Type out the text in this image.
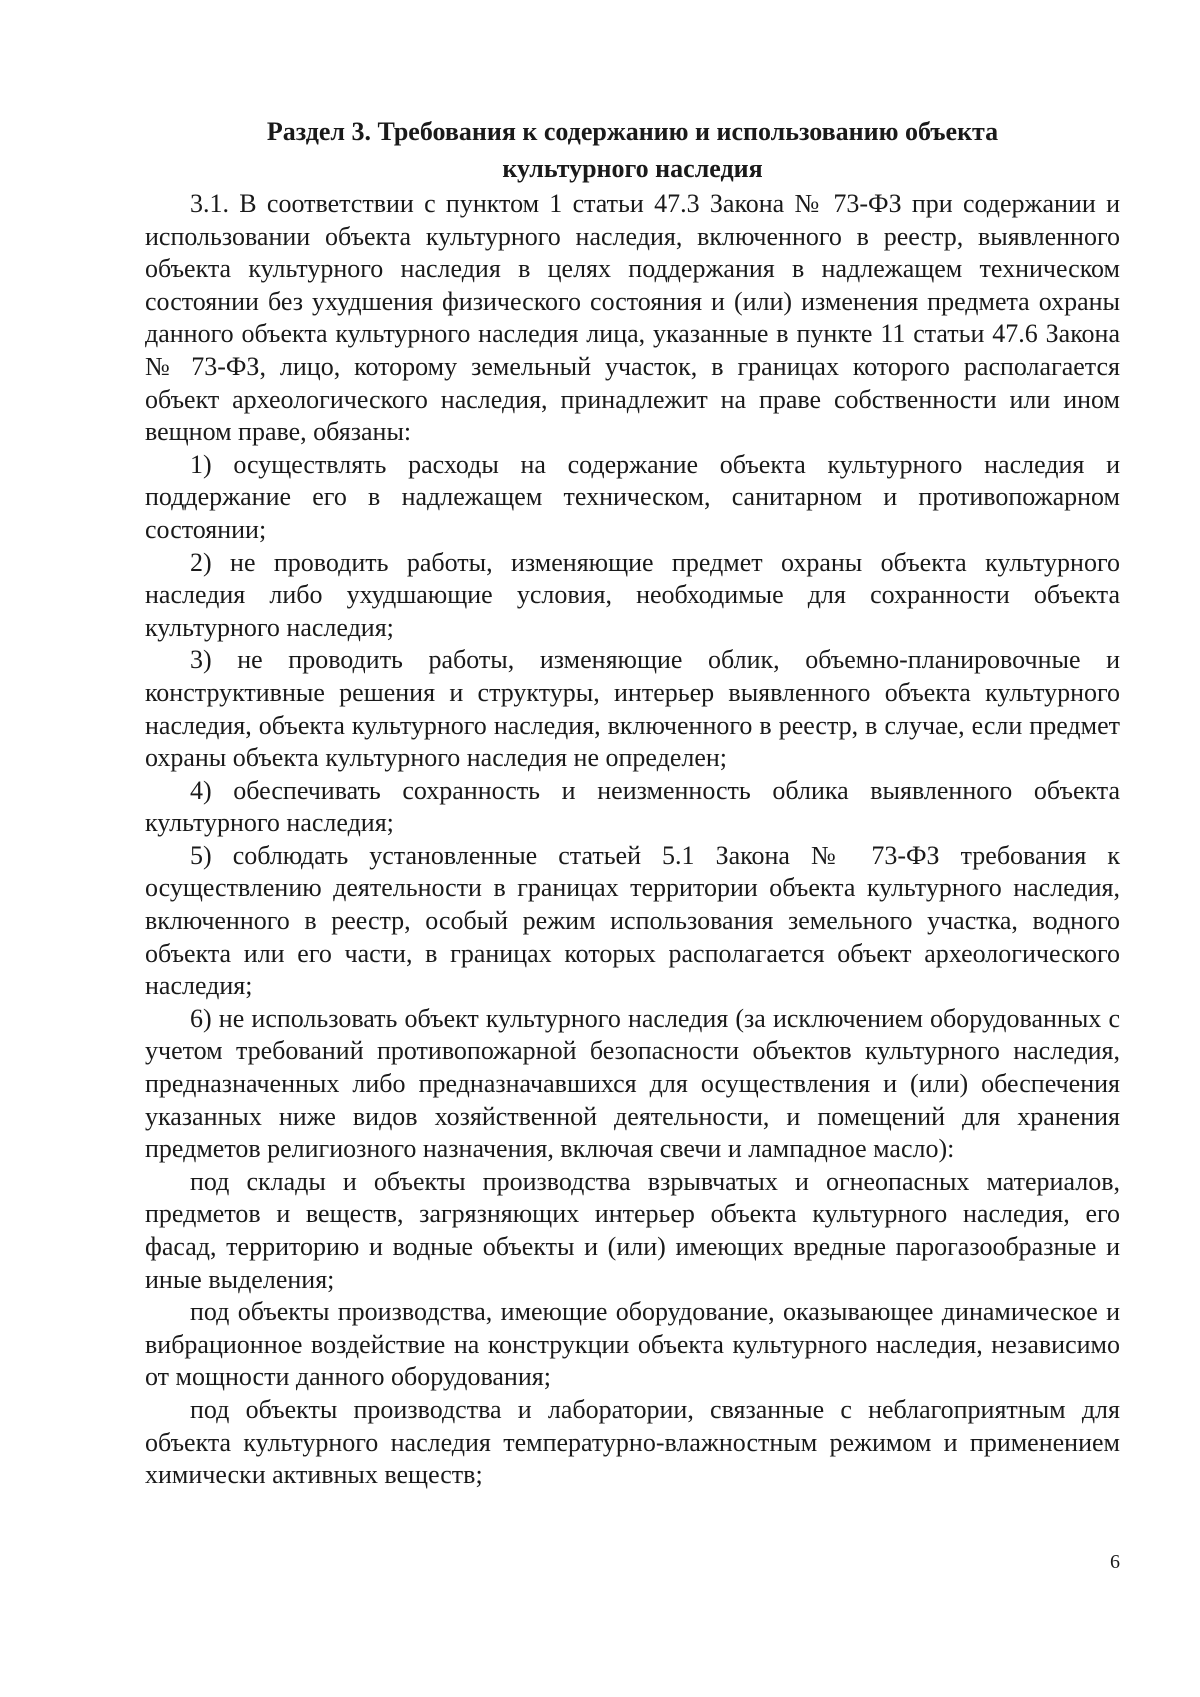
Раздел 3. Требования к содержанию и использованию объекта
культурного наследия

3.1. В соответствии с пунктом 1 статьи 47.3 Закона № 73-ФЗ при содержании и использовании объекта культурного наследия, включенного в реестр, выявленного объекта культурного наследия в целях поддержания в надлежащем техническом состоянии без ухудшения физического состояния и (или) изменения предмета охраны данного объекта культурного наследия лица, указанные в пункте 11 статьи 47.6 Закона № 73-ФЗ, лицо, которому земельный участок, в границах которого располагается объект археологического наследия, принадлежит на праве собственности или ином вещном праве, обязаны:

1) осуществлять расходы на содержание объекта культурного наследия и поддержание его в надлежащем техническом, санитарном и противопожарном состоянии;

2) не проводить работы, изменяющие предмет охраны объекта культурного наследия либо ухудшающие условия, необходимые для сохранности объекта культурного наследия;

3) не проводить работы, изменяющие облик, объемно-планировочные и конструктивные решения и структуры, интерьер выявленного объекта культурного наследия, объекта культурного наследия, включенного в реестр, в случае, если предмет охраны объекта культурного наследия не определен;

4) обеспечивать сохранность и неизменность облика выявленного объекта культурного наследия;

5) соблюдать установленные статьей 5.1 Закона № 73-ФЗ требования к осуществлению деятельности в границах территории объекта культурного наследия, включенного в реестр, особый режим использования земельного участка, водного объекта или его части, в границах которых располагается объект археологического наследия;

6) не использовать объект культурного наследия (за исключением оборудованных с учетом требований противопожарной безопасности объектов культурного наследия, предназначенных либо предназначавшихся для осуществления и (или) обеспечения указанных ниже видов хозяйственной деятельности, и помещений для хранения предметов религиозного назначения, включая свечи и лампадное масло):

под склады и объекты производства взрывчатых и огнеопасных материалов, предметов и веществ, загрязняющих интерьер объекта культурного наследия, его фасад, территорию и водные объекты и (или) имеющих вредные парогазообразные и иные выделения;

под объекты производства, имеющие оборудование, оказывающее динамическое и вибрационное воздействие на конструкции объекта культурного наследия, независимо от мощности данного оборудования;

под объекты производства и лаборатории, связанные с неблагоприятным для объекта культурного наследия температурно-влажностным режимом и применением химически активных веществ;

6
